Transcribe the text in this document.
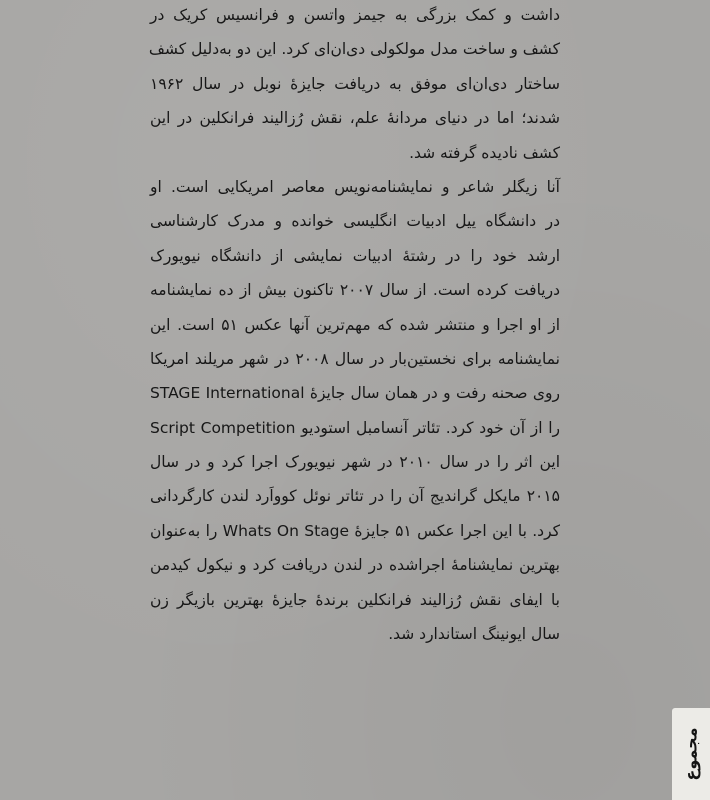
داشت و کمک بزرگی به جیمز واتسن و فرانسیس کریک در
کشف و ساخت مدل مولکولی دی‌ان‌ای کرد. این دو به‌دلیل کشف
ساختار دی‌ان‌ای موفق به دریافت جایزهٔ نوبل در سال ۱۹۶۲
شدند؛ اما در دنیای مردانهٔ علم، نقش رُزالیند فرانکلین در این
کشف نادیده گرفته شد.
آنا زیگلر شاعر و نمایشنامه‌نویس معاصر امریکایی است. او
در دانشگاه ییل ادبیات انگلیسی خوانده و مدرک کارشناسی
ارشد خود را در رشتهٔ ادبیات نمایشی از دانشگاه نیویورک
دریافت کرده است. از سال ۲۰۰۷ تاکنون بیش از ده نمایشنامه
از او اجرا و منتشر شده که مهم‌ترین آنها عکس ۵۱ است. این
نمایشنامه برای نخستین‌بار در سال ۲۰۰۸ در شهر مریلند امریکا
روی صحنه رفت و در همان سال جایزهٔ STAGE International
Script Competition را از آن خود کرد. تئاتر آنسامبل استودیو
این اثر را در سال ۲۰۱۰ در شهر نیویورک اجرا کرد و در سال
۲۰۱۵ مایکل گراندیج آن را در تئاتر نوئل کوواَرد لندن کارگردانی
کرد. با این اجرا عکس ۵۱ جایزهٔ Whats On Stage را به‌عنوان
بهترین نمایشنامهٔ اجراشده در لندن دریافت کرد و نیکول کیدمن
با ایفای نقش رُزالیند فرانکلین برندهٔ جایزهٔ بهترین بازیگر زن
سال ایونینگ استاندارد شد.
مجموع
